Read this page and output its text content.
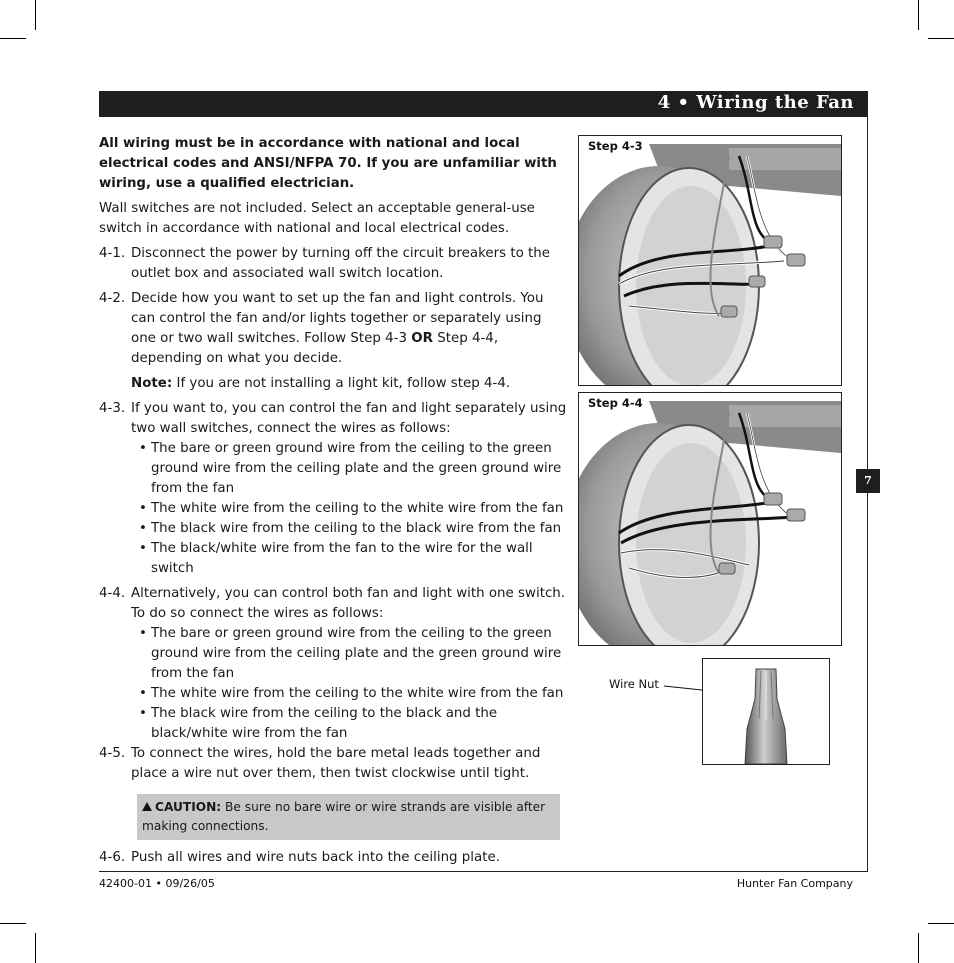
4 • Wiring the Fan
7

All wiring must be in accordance with national and local electrical codes and ANSI/NFPA 70. If you are unfamiliar with wiring, use a qualified electrician.

Wall switches are not included. Select an acceptable general-use switch in accordance with national and local electrical codes.

4-1. Disconnect the power by turning off the circuit breakers to the outlet box and associated wall switch location.
4-2. Decide how you want to set up the fan and light controls. You can control the fan and/or lights together or separately using one or two wall switches. Follow Step 4-3 OR Step 4-4, depending on what you decide.
Note: If you are not installing a light kit, follow step 4-4.
4-3. If you want to, you can control the fan and light separately using two wall switches, connect the wires as follows:
• The bare or green ground wire from the ceiling to the green ground wire from the ceiling plate and the green ground wire from the fan
• The white wire from the ceiling to the white wire from the fan
• The black wire from the ceiling to the black wire from the fan
• The black/white wire from the fan to the wire for the wall switch
4-4. Alternatively, you can control both fan and light with one switch. To do so connect the wires as follows:
• The bare or green ground wire from the ceiling to the green ground wire from the ceiling plate and the green ground wire from the fan
• The white wire from the ceiling to the white wire from the fan
• The black wire from the ceiling to the black and the black/white wire from the fan
4-5. To connect the wires, hold the bare metal leads together and place a wire nut over them, then twist clockwise until tight.
CAUTION: Be sure no bare wire or wire strands are visible after making connections.
4-6. Push all wires and wire nuts back into the ceiling plate.
Step 4-3
Step 4-4
Wire Nut
42400-01 • 09/26/05	Hunter Fan Company
